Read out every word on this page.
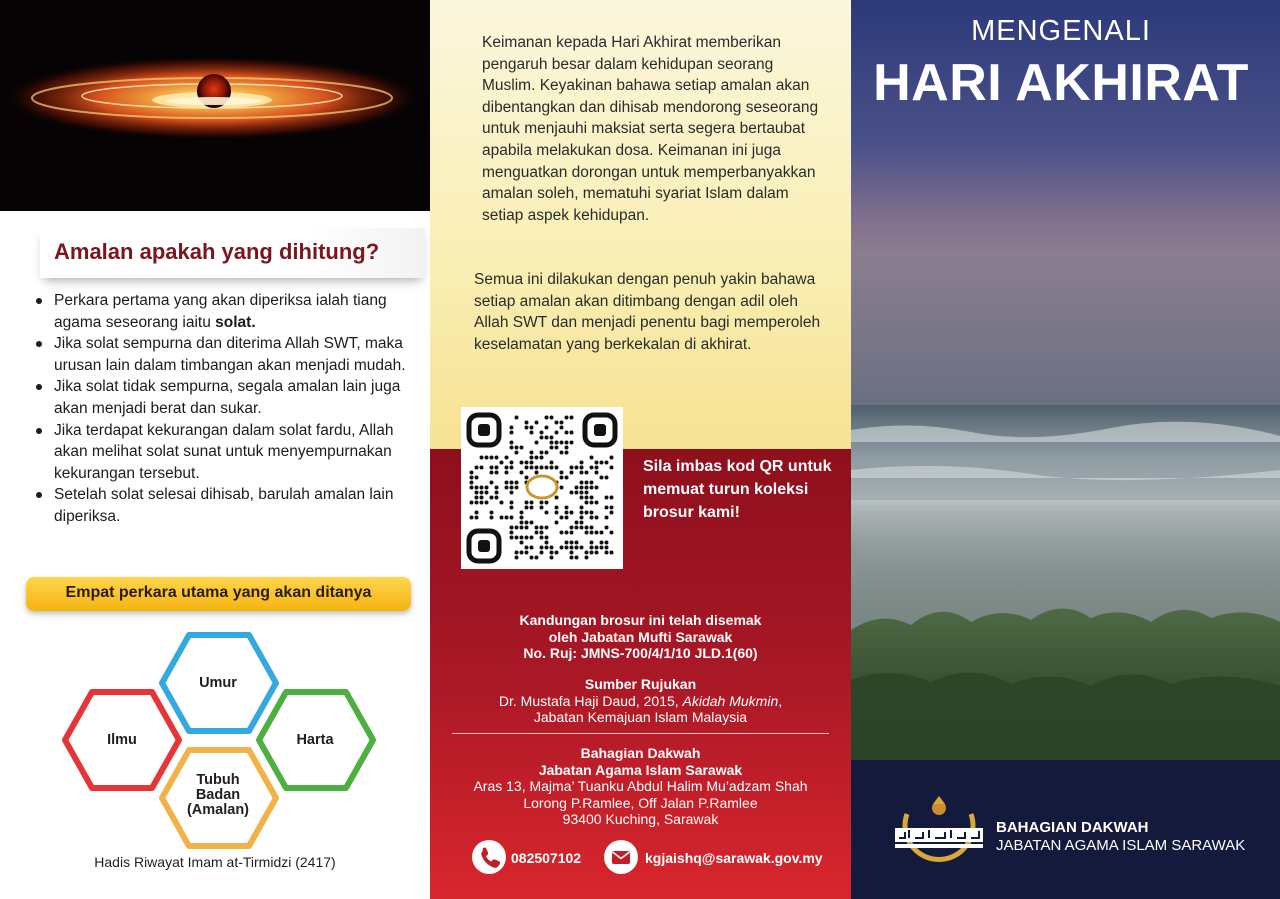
Amalan apakah yang dihitung?
Perkara pertama yang akan diperiksa ialah tiang agama seseorang iaitu solat.
Jika solat sempurna dan diterima Allah SWT, maka urusan lain dalam timbangan akan menjadi mudah.
Jika solat tidak sempurna, segala amalan lain juga akan menjadi berat dan sukar.
Jika terdapat kekurangan dalam solat fardu, Allah akan melihat solat sunat untuk menyempurnakan kekurangan tersebut.
Setelah solat selesai dihisab, barulah amalan lain diperiksa.
Empat perkara utama yang akan ditanya
Ilmu
Umur
Harta
Tubuh
Badan
(Amalan)
Hadis Riwayat Imam at-Tirmidzi (2417)

Keimanan kepada Hari Akhirat memberikan pengaruh besar dalam kehidupan seorang Muslim. Keyakinan bahawa setiap amalan akan dibentangkan dan dihisab mendorong seseorang untuk menjauhi maksiat serta segera bertaubat apabila melakukan dosa. Keimanan ini juga menguatkan dorongan untuk memperbanyakkan amalan soleh, mematuhi syariat Islam dalam setiap aspek kehidupan.

Semua ini dilakukan dengan penuh yakin bahawa setiap amalan akan ditimbang dengan adil oleh Allah SWT dan menjadi penentu bagi memperoleh keselamatan yang berkekalan di akhirat.

Sila imbas kod QR untuk memuat turun koleksi brosur kami!
Kandungan brosur ini telah disemak
oleh Jabatan Mufti Sarawak
No. Ruj: JMNS-700/4/1/10 JLD.1(60)
Sumber Rujukan
Dr. Mustafa Haji Daud, 2015, Akidah Mukmin,
Jabatan Kemajuan Islam Malaysia
Bahagian Dakwah
Jabatan Agama Islam Sarawak
Aras 13, Majma’ Tuanku Abdul Halim Mu’adzam Shah
Lorong P.Ramlee, Off Jalan P.Ramlee
93400 Kuching, Sarawak
082507102	kgjaishq@sarawak.gov.my
MENGENALI
HARI AKHIRAT
BAHAGIAN DAKWAH
JABATAN AGAMA ISLAM SARAWAK
